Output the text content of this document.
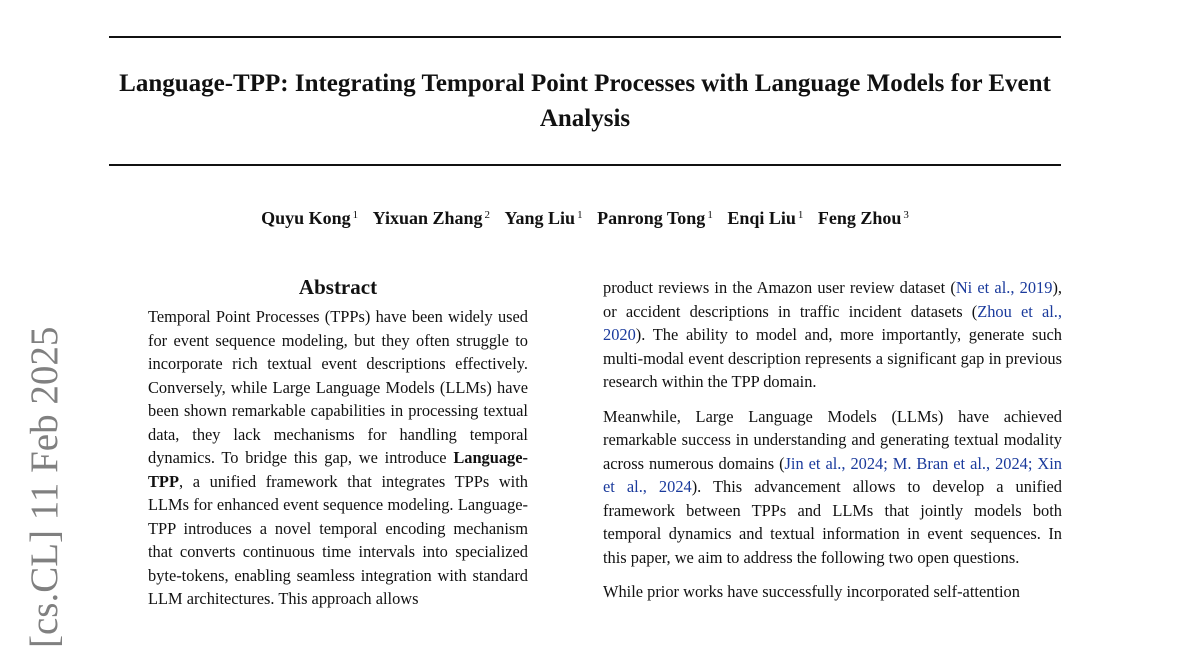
Language-TPP: Integrating Temporal Point Processes with Language Models for Event Analysis
Quyu Kong $^1$ Yixuan Zhang $^2$ Yang Liu $^1$ Panrong Tong $^1$ Enqi Liu $^1$ Feng Zhou $^3$
[cs.CL] 11 Feb 2025
Abstract

Temporal Point Processes (TPPs) have been widely used for event sequence modeling, but they often struggle to incorporate rich textual event descriptions effectively. Conversely, while Large Language Models (LLMs) have been shown remarkable capabilities in processing textual data, they lack mechanisms for handling temporal dynamics. To bridge this gap, we introduce Language-TPP, a unified framework that integrates TPPs with LLMs for enhanced event sequence modeling. Language-TPP introduces a novel temporal encoding mechanism that converts continuous time intervals into specialized byte-tokens, enabling seamless integration with standard LLM architectures. This approach allows

product reviews in the Amazon user review dataset (Ni et al., 2019), or accident descriptions in traffic incident datasets (Zhou et al., 2020). The ability to model and, more importantly, generate such multi-modal event description represents a significant gap in previous research within the TPP domain.

Meanwhile, Large Language Models (LLMs) have achieved remarkable success in understanding and generating textual modality across numerous domains (Jin et al., 2024; M. Bran et al., 2024; Xin et al., 2024). This advancement allows to develop a unified framework between TPPs and LLMs that jointly models both temporal dynamics and textual information in event sequences. In this paper, we aim to address the following two open questions.

While prior works have successfully incorporated self-attention
